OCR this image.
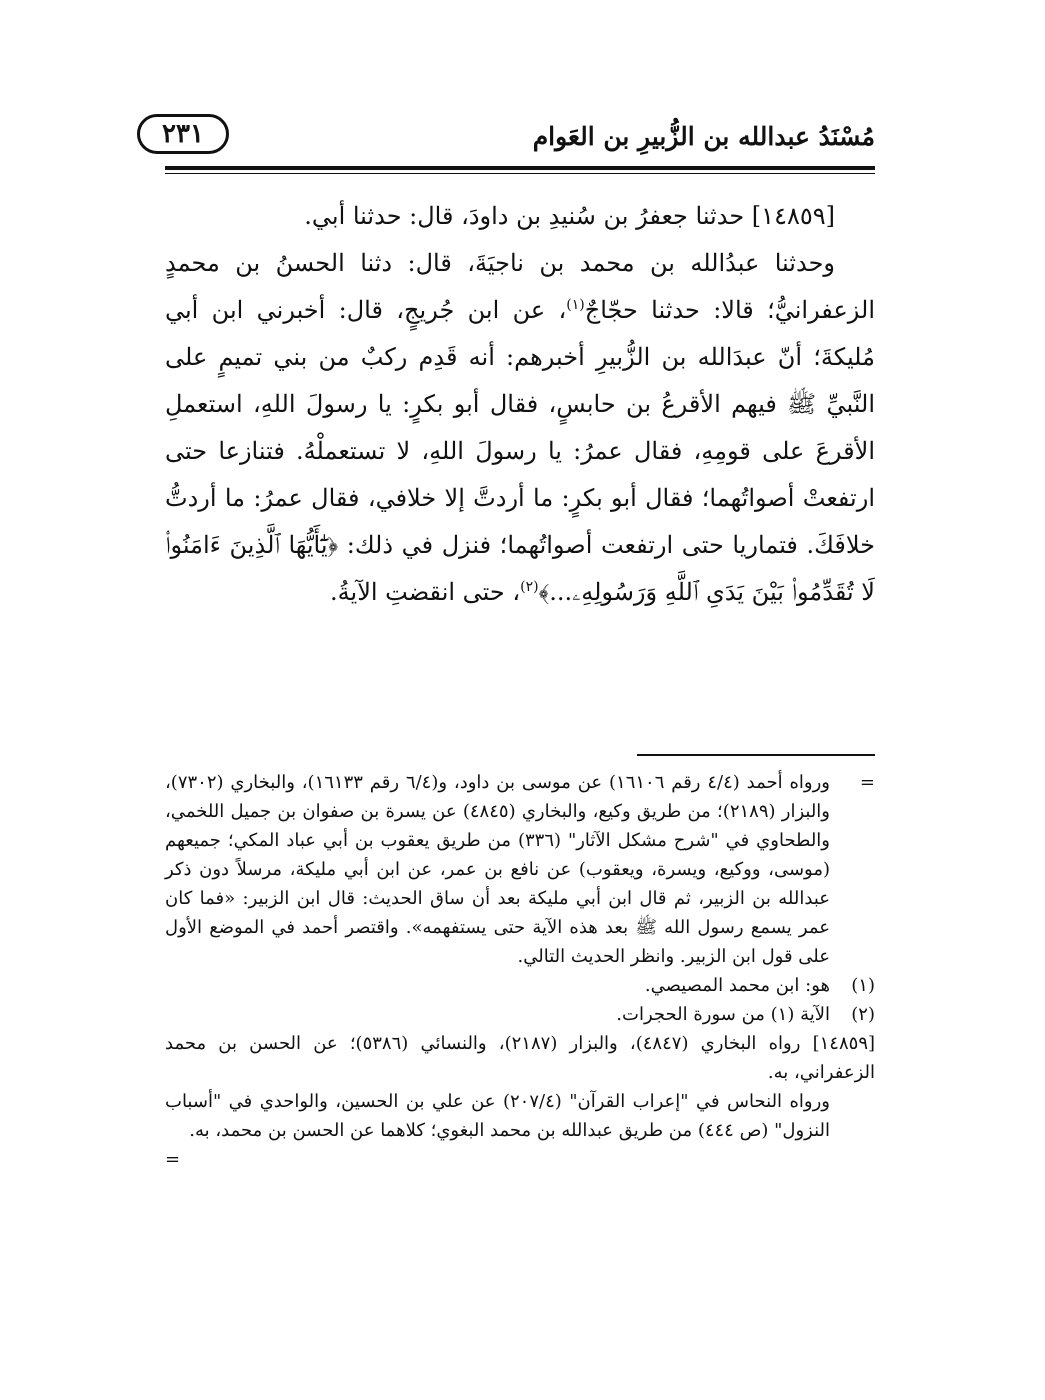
مُسْنَدُ عبدالله بن الزُّبيرِ بن العَوام
٢٣١

[١٤٨٥٩] حدثنا جعفرُ بن سُنيدِ بن داودَ، قال: حدثنا أبي.

وحدثنا عبدُالله بن محمد بن ناجيَةَ، قال: دثنا الحسنُ بن محمدٍ الزعفرانيُّ؛ قالا: حدثنا حجّاجٌ$^{(١)}$، عن ابن جُريجٍ، قال: أخبرني ابن أبي مُليكةَ؛ أنّ عبدَالله بن الزُّبيرِ أخبرهم: أنه قَدِم ركبٌ من بني تميمٍ على النَّبيِّ ﷺ فيهم الأقرعُ بن حابسٍ، فقال أبو بكرٍ: يا رسولَ اللهِ، استعملِ الأقرعَ على قومِهِ، فقال عمرُ: يا رسولَ اللهِ، لا تستعملْهُ. فتنازعا حتى ارتفعتْ أصواتُهما؛ فقال أبو بكرٍ: ما أردتَّ إلا خلافي، فقال عمرُ: ما أردتُّ خلافَكَ. فتماريا حتى ارتفعت أصواتُهما؛ فنزل في ذلك: ﴿يَٰٓأَيُّهَا ٱلَّذِينَ ءَامَنُوا۟ لَا تُقَدِّمُوا۟ بَيْنَ يَدَىِ ٱللَّهِ وَرَسُولِهِۦ...﴾$^{(٢)}$، حتى انقضتِ الآيةُ.

=
ورواه أحمد (٤/٤ رقم ١٦١٠٦) عن موسى بن داود، و(٦/٤ رقم ١٦١٣٣)، والبخاري (٧٣٠٢)، والبزار (٢١٨٩)؛ من طريق وكيع، والبخاري (٤٨٤٥) عن يسرة بن صفوان بن جميل اللخمي، والطحاوي في "شرح مشكل الآثار" (٣٣٦) من طريق يعقوب بن أبي عباد المكي؛ جميعهم (موسى، ووكيع، ويسرة، ويعقوب) عن نافع بن عمر، عن ابن أبي مليكة، مرسلاً دون ذكر عبدالله بن الزبير، ثم قال ابن أبي مليكة بعد أن ساق الحديث: قال ابن الزبير: «فما كان عمر يسمع رسول الله ﷺ بعد هذه الآية حتى يستفهمه». واقتصر أحمد في الموضع الأول على قول ابن الزبير. وانظر الحديث التالي.
(١)
هو: ابن محمد المصيصي.
(٢)
الآية (١) من سورة الحجرات.

[١٤٨٥٩] رواه البخاري (٤٨٤٧)، والبزار (٢١٨٧)، والنسائي (٥٣٨٦)؛ عن الحسن بن محمد الزعفراني، به.

ورواه النحاس في "إعراب القرآن" (٢٠٧/٤) عن علي بن الحسين، والواحدي في "أسباب النزول" (ص ٤٤٤) من طريق عبدالله بن محمد البغوي؛ كلاهما عن الحسن بن محمد، به.

=
